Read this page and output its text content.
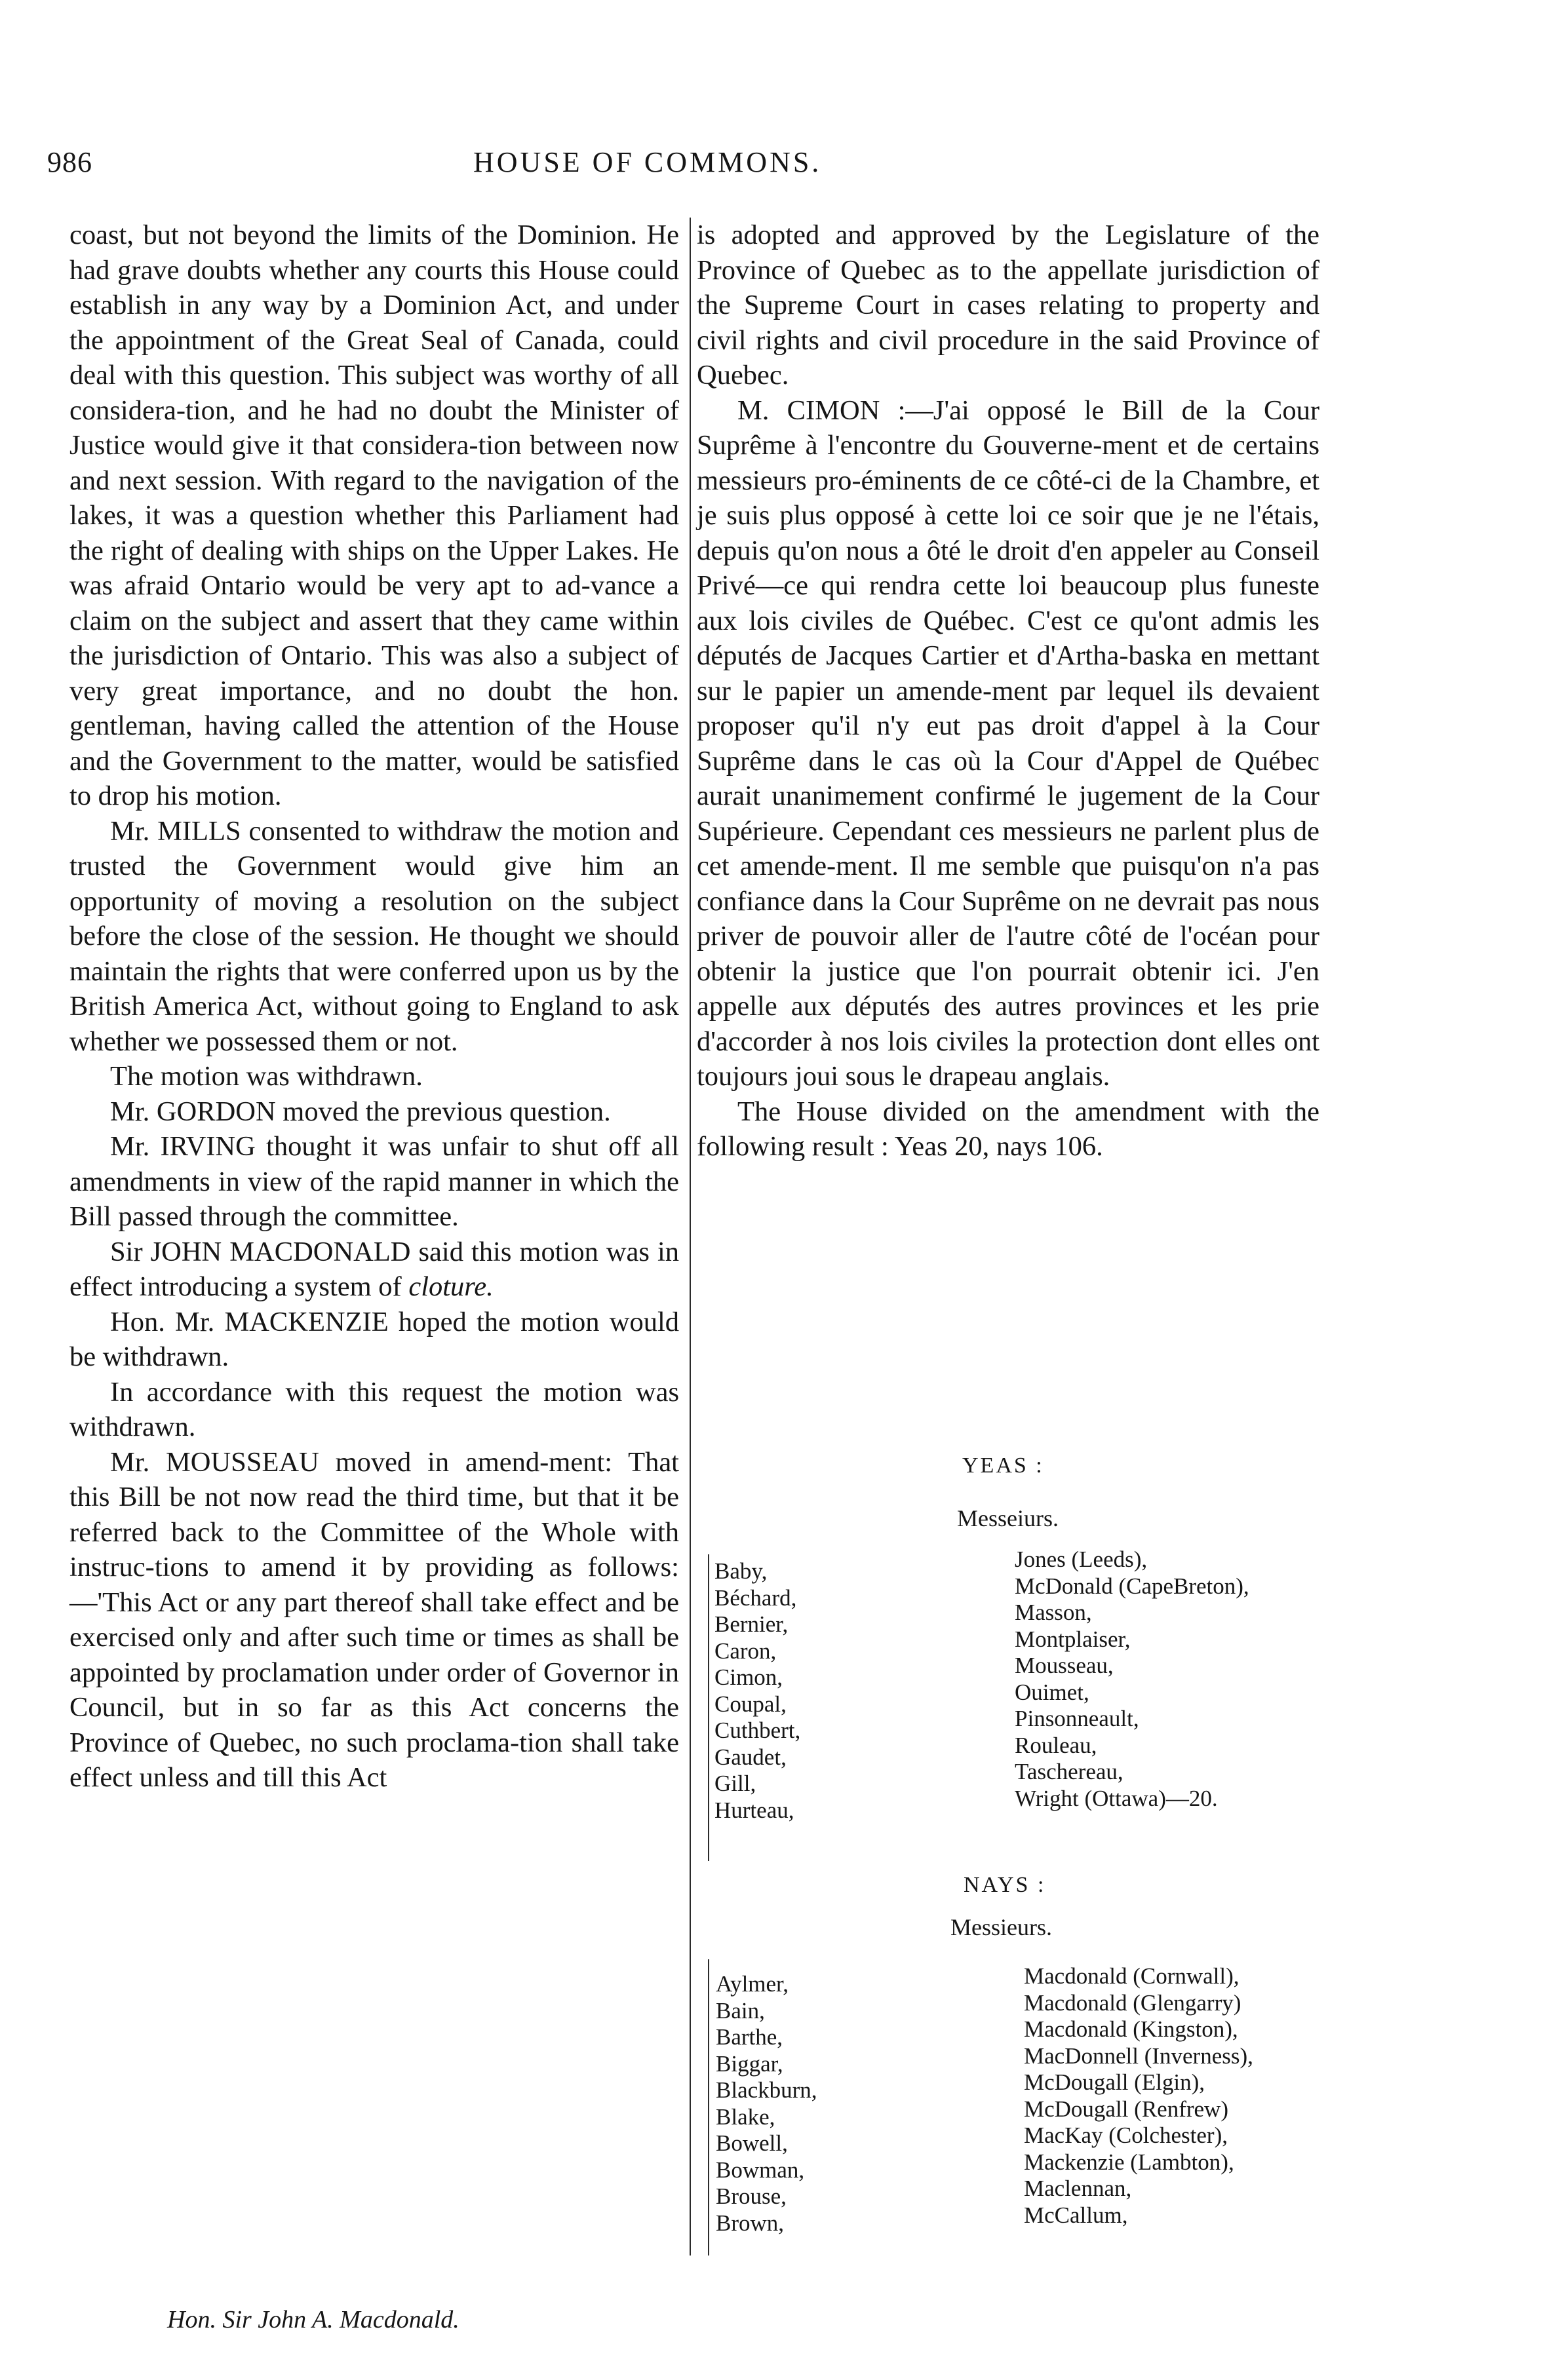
986	HOUSE OF COMMONS.

coast, but not beyond the limits of the Dominion. He had grave doubts whether any courts this House could establish in any way by a Dominion Act, and under the appointment of the Great Seal of Canada, could deal with this question. This subject was worthy of all considera-tion, and he had no doubt the Minister of Justice would give it that considera-tion between now and next session. With regard to the navigation of the lakes, it was a question whether this Parliament had the right of dealing with ships on the Upper Lakes. He was afraid Ontario would be very apt to ad-vance a claim on the subject and assert that they came within the jurisdiction of Ontario. This was also a subject of very great importance, and no doubt the hon. gentleman, having called the attention of the House and the Government to the matter, would be satisfied to drop his motion.

Mr. MILLS consented to withdraw the motion and trusted the Government would give him an opportunity of moving a resolution on the subject before the close of the session. He thought we should maintain the rights that were conferred upon us by the British America Act, without going to England to ask whether we possessed them or not.

The motion was withdrawn.

Mr. GORDON moved the previous question.

Mr. IRVING thought it was unfair to shut off all amendments in view of the rapid manner in which the Bill passed through the committee.

Sir JOHN MACDONALD said this motion was in effect introducing a system of cloture.

Hon. Mr. MACKENZIE hoped the motion would be withdrawn.

In accordance with this request the motion was withdrawn.

Mr. MOUSSEAU moved in amend-ment: That this Bill be not now read the third time, but that it be referred back to the Committee of the Whole with instruc-tions to amend it by providing as follows:—'This Act or any part thereof shall take effect and be exercised only and after such time or times as shall be appointed by proclamation under order of Governor in Council, but in so far as this Act concerns the Province of Quebec, no such proclama-tion shall take effect unless and till this Act

is adopted and approved by the Legislature of the Province of Quebec as to the appellate jurisdiction of the Supreme Court in cases relating to property and civil rights and civil procedure in the said Province of Quebec.

M. CIMON :—J'ai opposé le Bill de la Cour Suprême à l'encontre du Gouverne-ment et de certains messieurs pro-éminents de ce côté-ci de la Chambre, et je suis plus opposé à cette loi ce soir que je ne l'étais, depuis qu'on nous a ôté le droit d'en appeler au Conseil Privé—ce qui rendra cette loi beaucoup plus funeste aux lois civiles de Québec. C'est ce qu'ont admis les députés de Jacques Cartier et d'Artha-baska en mettant sur le papier un amende-ment par lequel ils devaient proposer qu'il n'y eut pas droit d'appel à la Cour Suprême dans le cas où la Cour d'Appel de Québec aurait unanimement confirmé le jugement de la Cour Supérieure. Cependant ces messieurs ne parlent plus de cet amende-ment. Il me semble que puisqu'on n'a pas confiance dans la Cour Suprême on ne devrait pas nous priver de pouvoir aller de l'autre côté de l'océan pour obtenir la justice que l'on pourrait obtenir ici. J'en appelle aux députés des autres provinces et les prie d'accorder à nos lois civiles la protection dont elles ont toujours joui sous le drapeau anglais.

The House divided on the amendment with the following result : Yeas 20, nays 106.

YEAS :
Messeiurs.
Baby,
Béchard,
Bernier,
Caron,
Cimon,
Coupal,
Cuthbert,
Gaudet,
Gill,
Hurteau,
Jones (Leeds),
McDonald (CapeBreton),
Masson,
Montplaiser,
Mousseau,
Ouimet,
Pinsonneault,
Rouleau,
Taschereau,
Wright (Ottawa)—20.
NAYS :
Messieurs.
Aylmer,
Bain,
Barthe,
Biggar,
Blackburn,
Blake,
Bowell,
Bowman,
Brouse,
Brown,
Macdonald (Cornwall),
Macdonald (Glengarry)
Macdonald (Kingston),
MacDonnell (Inverness),
McDougall (Elgin),
McDougall (Renfrew)
MacKay (Colchester),
Mackenzie (Lambton),
Maclennan,
McCallum,
Hon. Sir John A. Macdonald.
